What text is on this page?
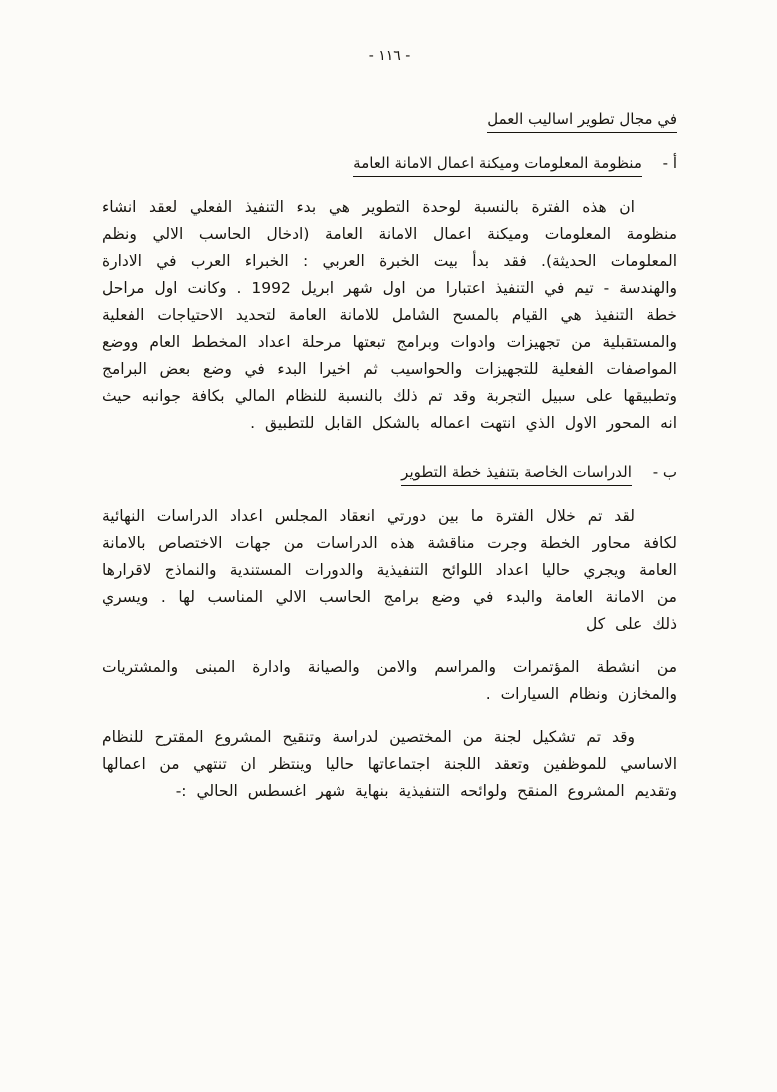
- ١١٦ -
في مجال تطوير اساليب العمل
أ - منظومة المعلومات وميكنة اعمال الامانة العامة

ان هذه الفترة بالنسبة لوحدة التطوير هي بدء التنفيذ الفعلي لعقد انشاء منظومة المعلومات وميكنة اعمال الامانة العامة (ادخال الحاسب الالي ونظم المعلومات الحديثة). فقد بدأ بيت الخبرة العربي : الخبراء العرب في الادارة والهندسة - تيم في التنفيذ اعتبارا من اول شهر ابريل 1992 . وكانت اول مراحل خطة التنفيذ هي القيام بالمسح الشامل للامانة العامة لتحديد الاحتياجات الفعلية والمستقبلية من تجهيزات وادوات وبرامج تبعتها مرحلة اعداد المخطط العام ووضع المواصفات الفعلية للتجهيزات والحواسيب ثم اخيرا البدء في وضع بعض البرامج وتطبيقها على سبيل التجربة وقد تم ذلك بالنسبة للنظام المالي بكافة جوانبه حيث انه المحور الاول الذي انتهت اعماله بالشكل القابل للتطبيق .

ب - الدراسات الخاصة بتنفيذ خطة التطوير

لقد تم خلال الفترة ما بين دورتي انعقاد المجلس اعداد الدراسات النهائية لكافة محاور الخطة وجرت مناقشة هذه الدراسات من جهات الاختصاص بالامانة العامة ويجري حاليا اعداد اللوائح التنفيذية والدورات المستندية والنماذج لاقرارها من الامانة العامة والبدء في وضع برامج الحاسب الالي المناسب لها . ويسري ذلك على كل

من انشطة المؤتمرات والمراسم والامن والصيانة وادارة المبنى والمشتريات والمخازن ونظام السيارات .

وقد تم تشكيل لجنة من المختصين لدراسة وتنقيح المشروع المقترح للنظام الاساسي للموظفين وتعقد اللجنة اجتماعاتها حاليا وينتظر ان تنتهي من اعمالها وتقديم المشروع المنقح ولوائحه التنفيذية بنهاية شهر اغسطس الحالي :-
